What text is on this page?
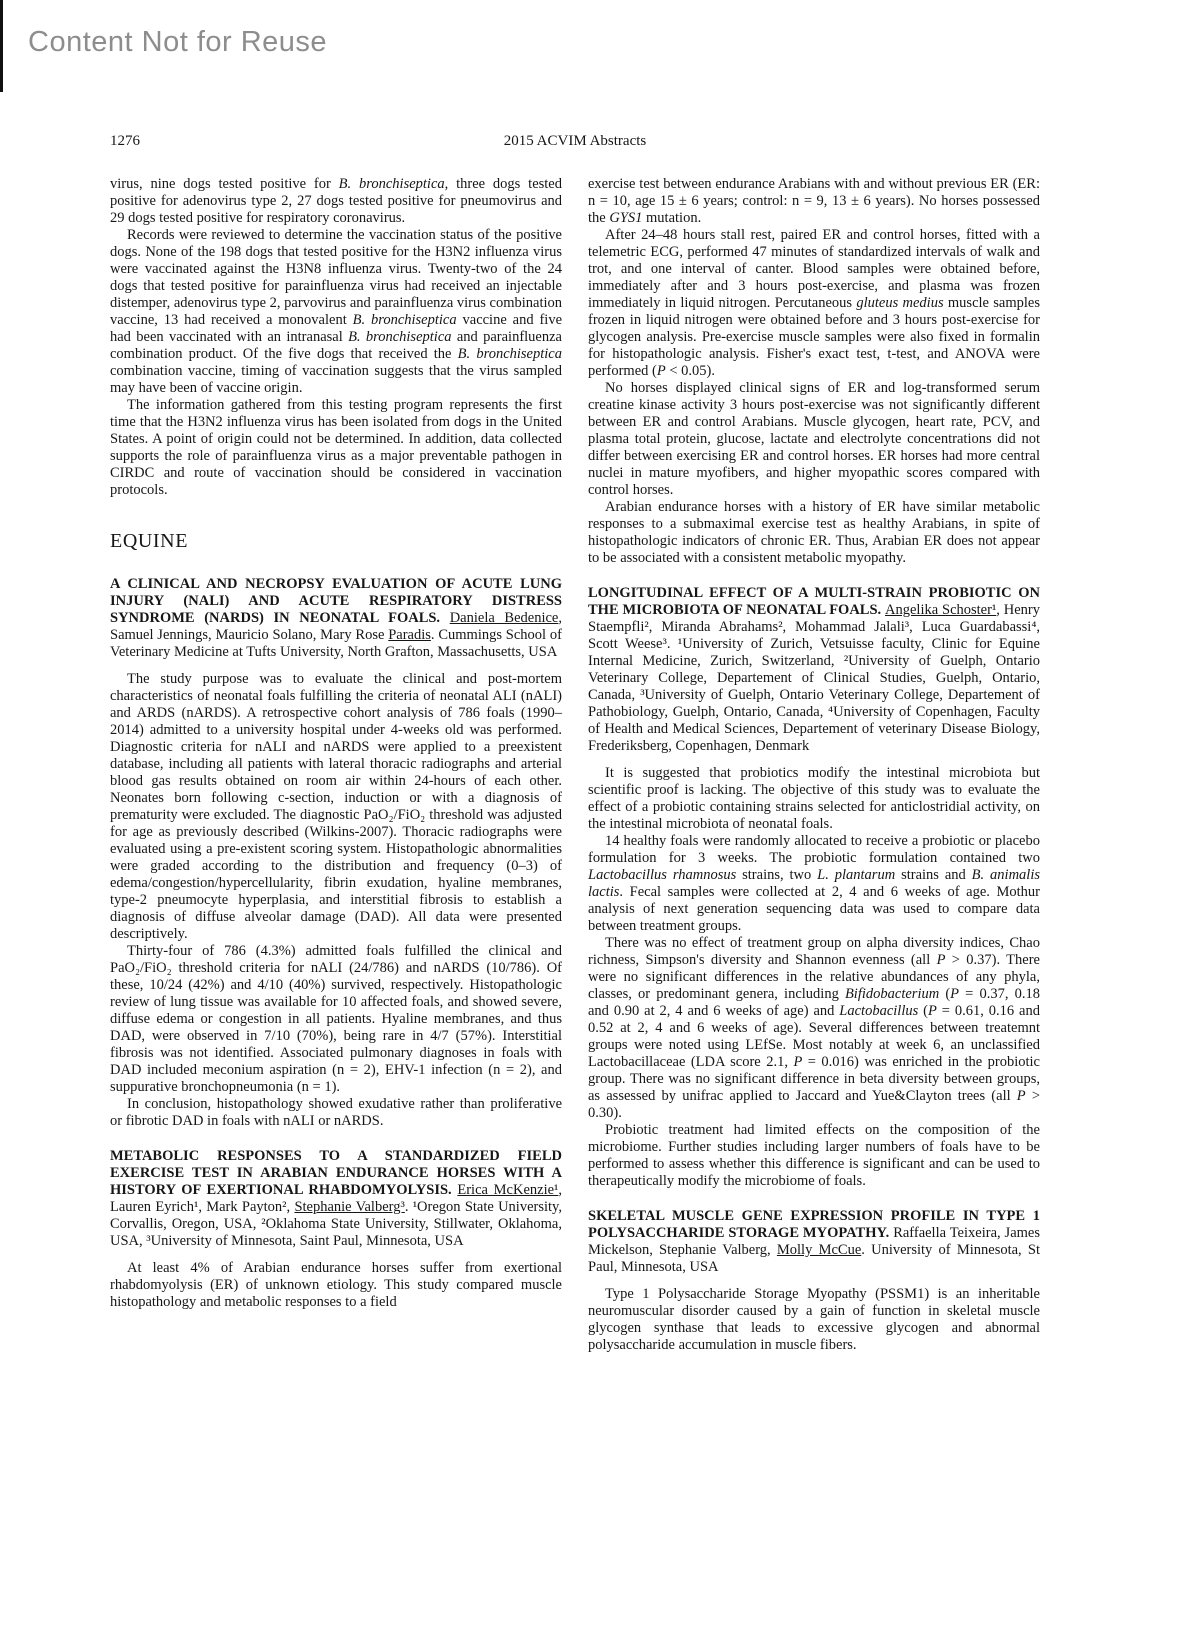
Content Not for Reuse
1276	2015 ACVIM Abstracts

virus, nine dogs tested positive for B. bronchiseptica, three dogs tested positive for adenovirus type 2, 27 dogs tested positive for pneumovirus and 29 dogs tested positive for respiratory coronavirus.

Records were reviewed to determine the vaccination status of the positive dogs. None of the 198 dogs that tested positive for the H3N2 influenza virus were vaccinated against the H3N8 influenza virus. Twenty-two of the 24 dogs that tested positive for parainfluenza virus had received an injectable distemper, adenovirus type 2, parvovirus and parainfluenza virus combination vaccine, 13 had received a monovalent B. bronchiseptica vaccine and five had been vaccinated with an intranasal B. bronchiseptica and parainfluenza combination product. Of the five dogs that received the B. bronchiseptica combination vaccine, timing of vaccination suggests that the virus sampled may have been of vaccine origin.

The information gathered from this testing program represents the first time that the H3N2 influenza virus has been isolated from dogs in the United States. A point of origin could not be determined. In addition, data collected supports the role of parainfluenza virus as a major preventable pathogen in CIRDC and route of vaccination should be considered in vaccination protocols.

EQUINE

A CLINICAL AND NECROPSY EVALUATION OF ACUTE LUNG INJURY (NALI) AND ACUTE RESPIRATORY DISTRESS SYNDROME (NARDS) IN NEONATAL FOALS. Daniela Bedenice, Samuel Jennings, Mauricio Solano, Mary Rose Paradis. Cummings School of Veterinary Medicine at Tufts University, North Grafton, Massachusetts, USA

The study purpose was to evaluate the clinical and post-mortem characteristics of neonatal foals fulfilling the criteria of neonatal ALI (nALI) and ARDS (nARDS). A retrospective cohort analysis of 786 foals (1990–2014) admitted to a university hospital under 4-weeks old was performed. Diagnostic criteria for nALI and nARDS were applied to a preexistent database, including all patients with lateral thoracic radiographs and arterial blood gas results obtained on room air within 24-hours of each other. Neonates born following c-section, induction or with a diagnosis of prematurity were excluded. The diagnostic PaO₂/FiO₂ threshold was adjusted for age as previously described (Wilkins-2007). Thoracic radiographs were evaluated using a pre-existent scoring system. Histopathologic abnormalities were graded according to the distribution and frequency (0–3) of edema/congestion/hypercellularity, fibrin exudation, hyaline membranes, type-2 pneumocyte hyperplasia, and interstitial fibrosis to establish a diagnosis of diffuse alveolar damage (DAD). All data were presented descriptively.

Thirty-four of 786 (4.3%) admitted foals fulfilled the clinical and PaO₂/FiO₂ threshold criteria for nALI (24/786) and nARDS (10/786). Of these, 10/24 (42%) and 4/10 (40%) survived, respectively. Histopathologic review of lung tissue was available for 10 affected foals, and showed severe, diffuse edema or congestion in all patients. Hyaline membranes, and thus DAD, were observed in 7/10 (70%), being rare in 4/7 (57%). Interstitial fibrosis was not identified. Associated pulmonary diagnoses in foals with DAD included meconium aspiration (n = 2), EHV-1 infection (n = 2), and suppurative bronchopneumonia (n = 1).

In conclusion, histopathology showed exudative rather than proliferative or fibrotic DAD in foals with nALI or nARDS.

METABOLIC RESPONSES TO A STANDARDIZED FIELD EXERCISE TEST IN ARABIAN ENDURANCE HORSES WITH A HISTORY OF EXERTIONAL RHABDOMYOLYSIS. Erica McKenzie¹, Lauren Eyrich¹, Mark Payton², Stephanie Valberg³. ¹Oregon State University, Corvallis, Oregon, USA, ²Oklahoma State University, Stillwater, Oklahoma, USA, ³University of Minnesota, Saint Paul, Minnesota, USA

At least 4% of Arabian endurance horses suffer from exertional rhabdomyolysis (ER) of unknown etiology. This study compared muscle histopathology and metabolic responses to a field

exercise test between endurance Arabians with and without previous ER (ER: n = 10, age 15 ± 6 years; control: n = 9, 13 ± 6 years). No horses possessed the GYS1 mutation.

After 24–48 hours stall rest, paired ER and control horses, fitted with a telemetric ECG, performed 47 minutes of standardized intervals of walk and trot, and one interval of canter. Blood samples were obtained before, immediately after and 3 hours post-exercise, and plasma was frozen immediately in liquid nitrogen. Percutaneous gluteus medius muscle samples frozen in liquid nitrogen were obtained before and 3 hours post-exercise for glycogen analysis. Pre-exercise muscle samples were also fixed in formalin for histopathologic analysis. Fisher's exact test, t-test, and ANOVA were performed (P < 0.05).

No horses displayed clinical signs of ER and log-transformed serum creatine kinase activity 3 hours post-exercise was not significantly different between ER and control Arabians. Muscle glycogen, heart rate, PCV, and plasma total protein, glucose, lactate and electrolyte concentrations did not differ between exercising ER and control horses. ER horses had more central nuclei in mature myofibers, and higher myopathic scores compared with control horses.

Arabian endurance horses with a history of ER have similar metabolic responses to a submaximal exercise test as healthy Arabians, in spite of histopathologic indicators of chronic ER. Thus, Arabian ER does not appear to be associated with a consistent metabolic myopathy.

LONGITUDINAL EFFECT OF A MULTI-STRAIN PROBIOTIC ON THE MICROBIOTA OF NEONATAL FOALS. Angelika Schoster¹, Henry Staempfli², Miranda Abrahams², Mohammad Jalali³, Luca Guardabassi⁴, Scott Weese³. ¹University of Zurich, Vetsuisse faculty, Clinic for Equine Internal Medicine, Zurich, Switzerland, ²University of Guelph, Ontario Veterinary College, Departement of Clinical Studies, Guelph, Ontario, Canada, ³University of Guelph, Ontario Veterinary College, Departement of Pathobiology, Guelph, Ontario, Canada, ⁴University of Copenhagen, Faculty of Health and Medical Sciences, Departement of veterinary Disease Biology, Frederiksberg, Copenhagen, Denmark

It is suggested that probiotics modify the intestinal microbiota but scientific proof is lacking. The objective of this study was to evaluate the effect of a probiotic containing strains selected for anticlostridial activity, on the intestinal microbiota of neonatal foals.

14 healthy foals were randomly allocated to receive a probiotic or placebo formulation for 3 weeks. The probiotic formulation contained two Lactobacillus rhamnosus strains, two L. plantarum strains and B. animalis lactis. Fecal samples were collected at 2, 4 and 6 weeks of age. Mothur analysis of next generation sequencing data was used to compare data between treatment groups.

There was no effect of treatment group on alpha diversity indices, Chao richness, Simpson's diversity and Shannon evenness (all P > 0.37). There were no significant differences in the relative abundances of any phyla, classes, or predominant genera, including Bifidobacterium (P = 0.37, 0.18 and 0.90 at 2, 4 and 6 weeks of age) and Lactobacillus (P = 0.61, 0.16 and 0.52 at 2, 4 and 6 weeks of age). Several differences between treatemnt groups were noted using LEfSe. Most notably at week 6, an unclassified Lactobacillaceae (LDA score 2.1, P = 0.016) was enriched in the probiotic group. There was no significant difference in beta diversity between groups, as assessed by unifrac applied to Jaccard and Yue&Clayton trees (all P > 0.30).

Probiotic treatment had limited effects on the composition of the microbiome. Further studies including larger numbers of foals have to be performed to assess whether this difference is significant and can be used to therapeutically modify the microbiome of foals.

SKELETAL MUSCLE GENE EXPRESSION PROFILE IN TYPE 1 POLYSACCHARIDE STORAGE MYOPATHY. Raffaella Teixeira, James Mickelson, Stephanie Valberg, Molly McCue. University of Minnesota, St Paul, Minnesota, USA

Type 1 Polysaccharide Storage Myopathy (PSSM1) is an inheritable neuromuscular disorder caused by a gain of function in skeletal muscle glycogen synthase that leads to excessive glycogen and abnormal polysaccharide accumulation in muscle fibers.
